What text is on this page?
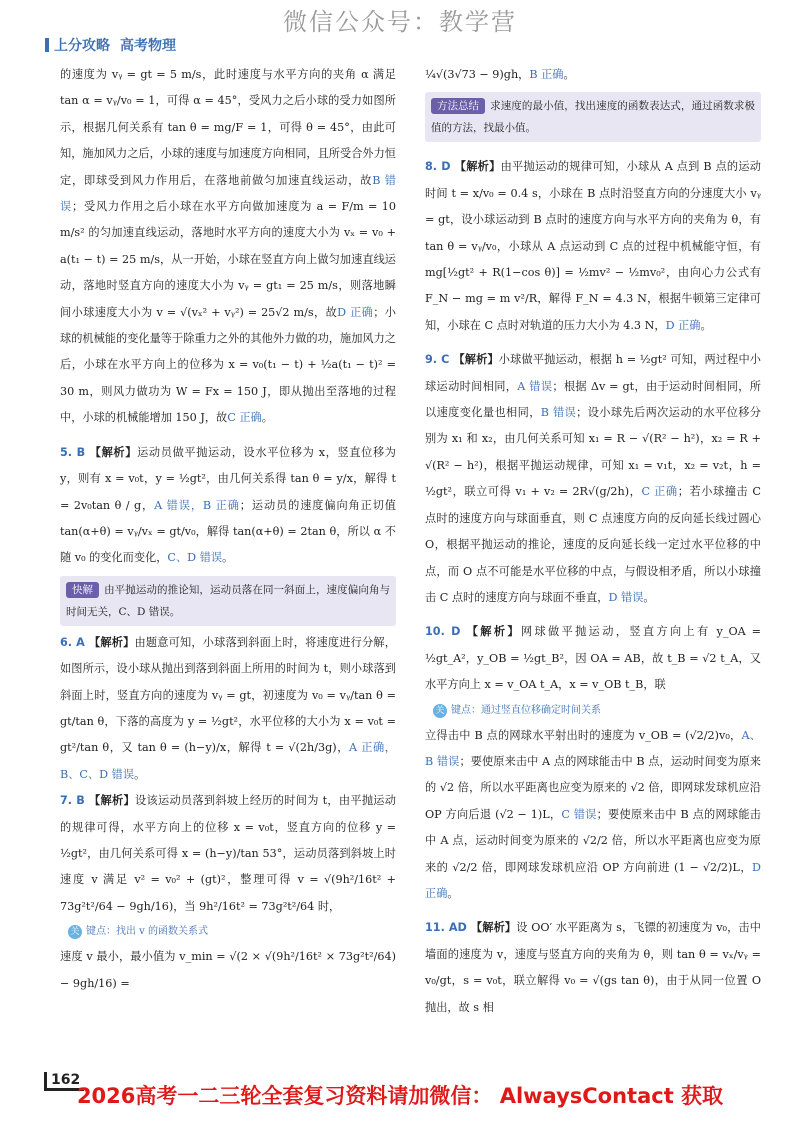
微信公众号：教学营
上分攻略 高考物理

的速度为 vᵧ = gt = 5 m/s，此时速度与水平方向的夹角 α 满足 tan α = vᵧ/v₀ = 1，可得 α = 45°，受风力之后小球的受力如图所示，根据几何关系有 tan θ = mg/F = 1，可得 θ = 45°，由此可知，施加风力之后，小球的速度与加速度方向相同，且所受合外力恒定，即球受到风力作用后，在落地前做匀加速直线运动，故B 错误；受风力作用之后小球在水平方向做加速度为 a = F/m = 10 m/s² 的匀加速直线运动，落地时水平方向的速度大小为 vₓ = v₀ + a(t₁ − t) = 25 m/s，从一开始，小球在竖直方向上做匀加速直线运动，落地时竖直方向的速度大小为 vᵧ = gt₁ = 25 m/s，则落地瞬间小球速度大小为 v = √(vₓ² + vᵧ²) = 25√2 m/s，故D 正确；小球的机械能的变化量等于除重力之外的其他外力做的功，施加风力之后，小球在水平方向上的位移为 x = v₀(t₁ − t) + ½a(t₁ − t)² = 30 m，则风力做功为 W = Fx = 150 J，即从抛出至落地的过程中，小球的机械能增加 150 J，故C 正确。

5. B 【解析】运动员做平抛运动，设水平位移为 x，竖直位移为 y，则有 x = v₀t，y = ½gt²，由几何关系得 tan θ = y/x，解得 t = 2v₀tan θ / g，A 错误，B 正确；运动员的速度偏向角正切值 tan(α+θ) = vᵧ/vₓ = gt/v₀，解得 tan(α+θ) = 2tan θ，所以 α 不随 v₀ 的变化而变化，C、D 错误。

快解 由平抛运动的推论知，运动员落在同一斜面上，速度偏向角与时间无关，C、D 错误。

6. A 【解析】由题意可知，小球落到斜面上时，将速度进行分解，如图所示，设小球从抛出到落到斜面上所用的时间为 t，则小球落到斜面上时，竖直方向的速度为 vᵧ = gt，初速度为 v₀ = vᵧ/tan θ = gt/tan θ，下落的高度为 y = ½gt²，水平位移的大小为 x = v₀t = gt²/tan θ，又 tan θ = (h−y)/x，解得 t = √(2h/3g)，A 正确，B、C、D 错误。

7. B 【解析】设该运动员落到斜坡上经历的时间为 t，由平抛运动的规律可得，水平方向上的位移 x = v₀t，竖直方向的位移 y = ½gt²，由几何关系可得 x = (h−y)/tan 53°，运动员落到斜坡上时速度 v 满足 v² = v₀² + (gt)²，整理可得 v = √(9h²/16t² + 73g²t²/64 − 9gh/16)，当 9h²/16t² = 73g²t²/64 时，

关 键点：找出 v 的函数关系式

速度 v 最小，最小值为 v_min = √(2 × √(9h²/16t² × 73g²t²/64) − 9gh/16) =

¼√(3√73 − 9)gh，B 正确。

方法总结 求速度的最小值，找出速度的函数表达式，通过函数求极值的方法，找最小值。

8. D 【解析】由平抛运动的规律可知，小球从 A 点到 B 点的运动时间 t = x/v₀ = 0.4 s，小球在 B 点时沿竖直方向的分速度大小 vᵧ = gt，设小球运动到 B 点时的速度方向与水平方向的夹角为 θ，有 tan θ = vᵧ/v₀，小球从 A 点运动到 C 点的过程中机械能守恒，有 mg[½gt² + R(1−cos θ)] = ½mv² − ½mv₀²，由向心力公式有 F_N − mg = m v²/R，解得 F_N = 4.3 N，根据牛顿第三定律可知，小球在 C 点时对轨道的压力大小为 4.3 N，D 正确。

9. C 【解析】小球做平抛运动，根据 h = ½gt² 可知，两过程中小球运动时间相同，A 错误；根据 Δv = gt，由于运动时间相同，所以速度变化量也相同，B 错误；设小球先后两次运动的水平位移分别为 x₁ 和 x₂，由几何关系可知 x₁ = R − √(R² − h²)，x₂ = R + √(R² − h²)，根据平抛运动规律，可知 x₁ = v₁t，x₂ = v₂t，h = ½gt²，联立可得 v₁ + v₂ = 2R√(g/2h)，C 正确；若小球撞击 C 点时的速度方向与球面垂直，则 C 点速度方向的反向延长线过圆心 O，根据平抛运动的推论，速度的反向延长线一定过水平位移的中点，而 O 点不可能是水平位移的中点，与假设相矛盾，所以小球撞击 C 点时的速度方向与球面不垂直，D 错误。

10. D 【解析】网球做平抛运动，竖直方向上有 y_OA = ½gt_A²，y_OB = ½gt_B²，因 OA = AB，故 t_B = √2 t_A，又水平方向上 x = v_OA t_A，x = v_OB t_B，联

关 键点：通过竖直位移确定时间关系

立得击中 B 点的网球水平射出时的速度为 v_OB = (√2/2)v₀，A、B 错误；要使原来击中 A 点的网球能击中 B 点，运动时间变为原来的 √2 倍，所以水平距离也应变为原来的 √2 倍，即网球发球机应沿 OP 方向后退 (√2 − 1)L，C 错误；要使原来击中 B 点的网球能击中 A 点，运动时间变为原来的 √2/2 倍，所以水平距离也应变为原来的 √2/2 倍，即网球发球机应沿 OP 方向前进 (1 − √2/2)L，D 正确。

11. AD 【解析】设 OO′ 水平距离为 s，飞镖的初速度为 v₀，击中墙面的速度为 v，速度与竖直方向的夹角为 θ，则 tan θ = vₓ/vᵧ = v₀/gt，s = v₀t，联立解得 v₀ = √(gs tan θ)，由于从同一位置 O 抛出，故 s 相

162
2026高考一二三轮全套复习资料请加微信： AlwaysContact 获取
